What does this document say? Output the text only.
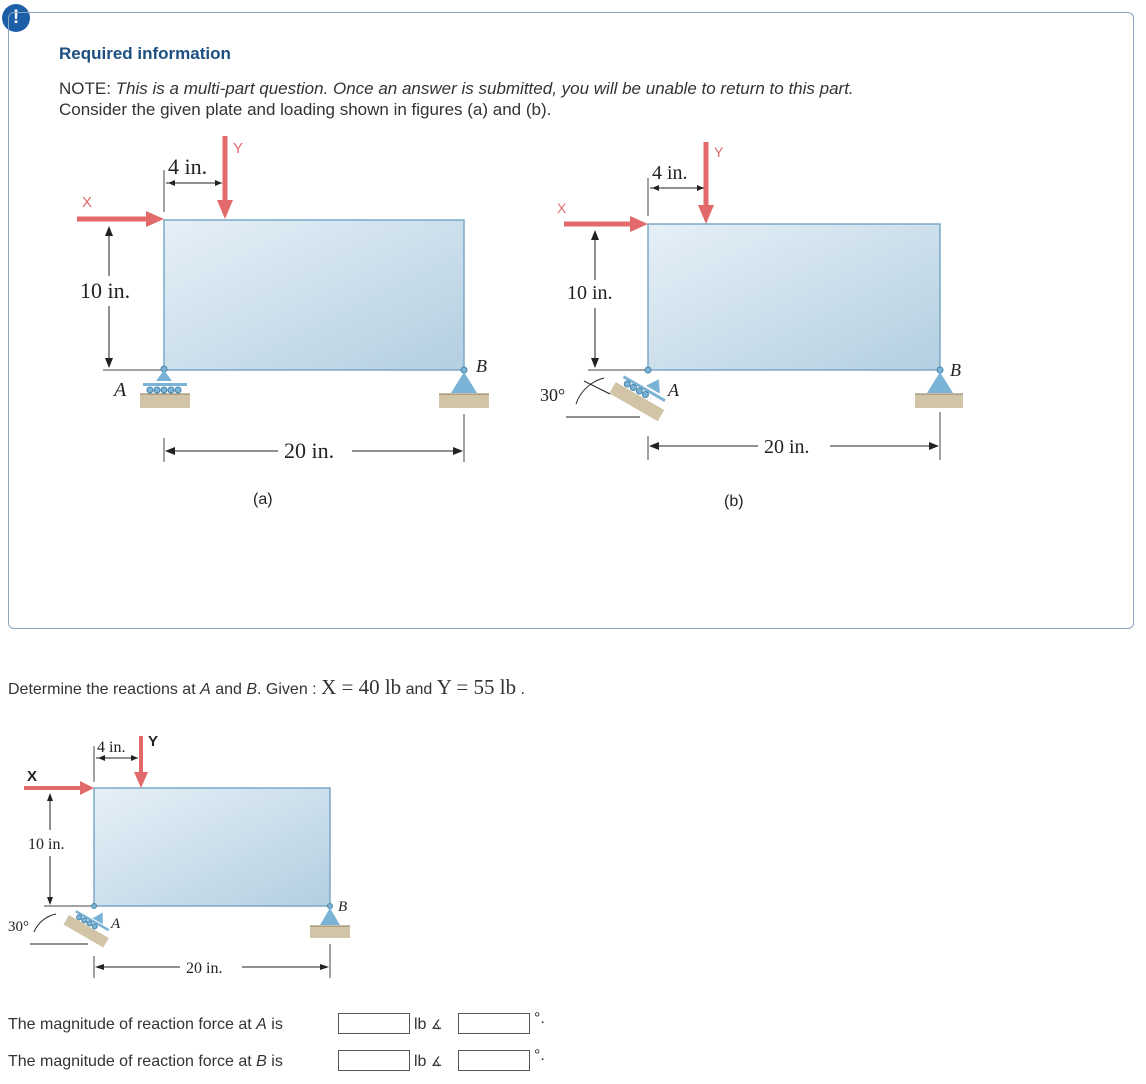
!
Required information
NOTE: This is a multi-part question. Once an answer is submitted, you will be unable to return to this part.
Consider the given plate and loading shown in figures (a) and (b).
X
Y
4 in.
10 in.
A
B
20 in.
(a)
X
Y
4 in.
10 in.
30°	A
B
20 in.
(b)
X
Y
4 in.
10 in.
30°	A
B
20 in.
Determine the reactions at A and B. Given : X = 40 lb and Y = 55 lb .
The magnitude of reaction force at A is	lb ∡	°.
The magnitude of reaction force at B is	lb ∡	°.
